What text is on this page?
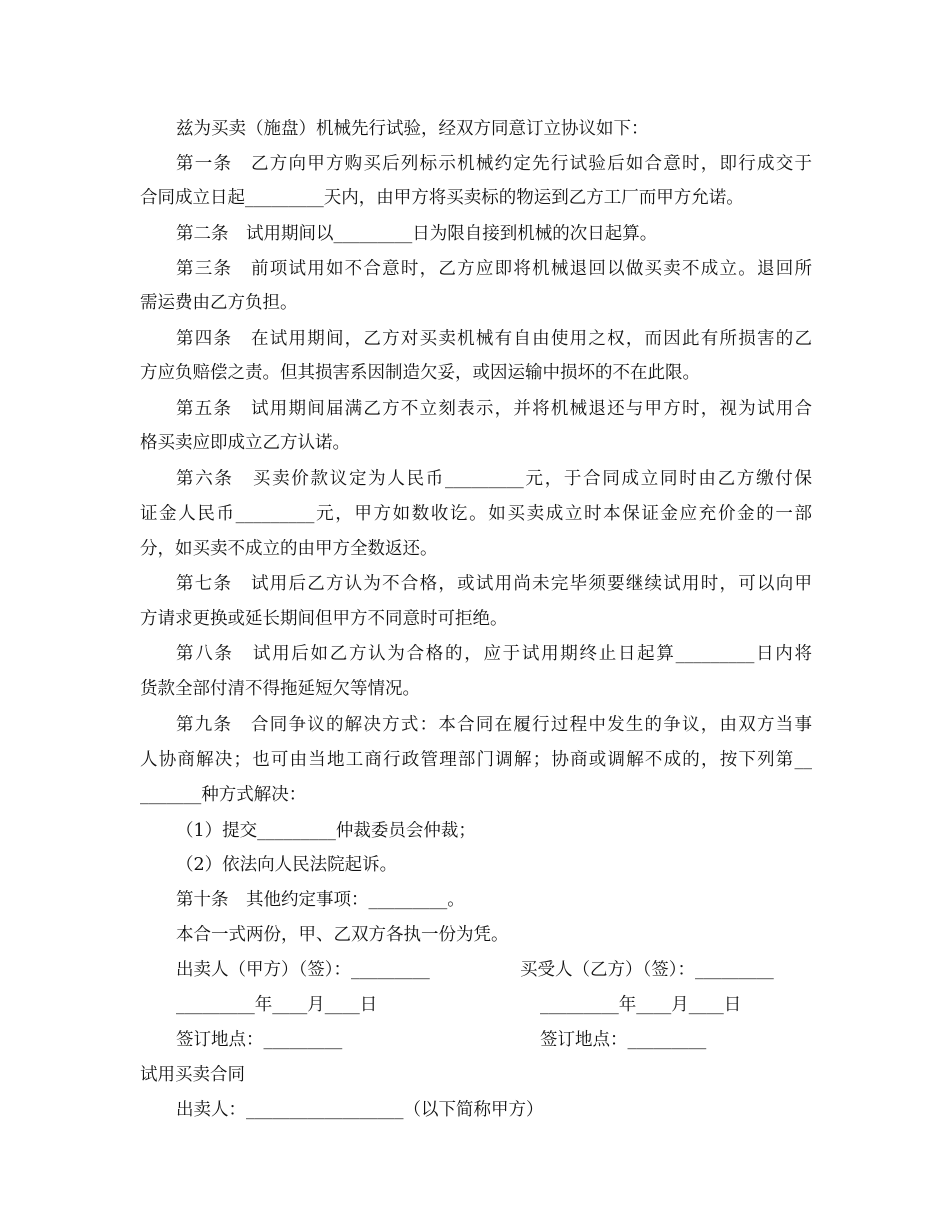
兹为买卖（施盘）机械先行试验，经双方同意订立协议如下：
第一条　乙方向甲方购买后列标示机械约定先行试验后如合意时，即行成交于
合同成立日起_________天内，由甲方将买卖标的物运到乙方工厂而甲方允诺。
第二条　试用期间以_________日为限自接到机械的次日起算。
第三条　前项试用如不合意时，乙方应即将机械退回以做买卖不成立。退回所
需运费由乙方负担。
第四条　在试用期间，乙方对买卖机械有自由使用之权，而因此有所损害的乙
方应负赔偿之责。但其损害系因制造欠妥，或因运输中损坏的不在此限。
第五条　试用期间届满乙方不立刻表示，并将机械退还与甲方时，视为试用合
格买卖应即成立乙方认诺。
第六条　买卖价款议定为人民币_________元，于合同成立同时由乙方缴付保
证金人民币_________元，甲方如数收讫。如买卖成立时本保证金应充价金的一部
分，如买卖不成立的由甲方全数返还。
第七条　试用后乙方认为不合格，或试用尚未完毕须要继续试用时，可以向甲
方请求更换或延长期间但甲方不同意时可拒绝。
第八条　试用后如乙方认为合格的，应于试用期终止日起算_________日内将
货款全部付清不得拖延短欠等情况。
第九条　合同争议的解决方式：本合同在履行过程中发生的争议，由双方当事
人协商解决；也可由当地工商行政管理部门调解；协商或调解不成的，按下列第__
_______种方式解决：
（1）提交_________仲裁委员会仲裁；
（2）依法向人民法院起诉。
第十条　其他约定事项：_________。
本合一式两份，甲、乙双方各执一份为凭。
出卖人（甲方）（签）：_________	买受人（乙方）（签）：_________
_________年____月____日	_________年____月____日
签订地点：_________	签订地点：_________
试用买卖合同
出卖人：__________________（以下简称甲方）
